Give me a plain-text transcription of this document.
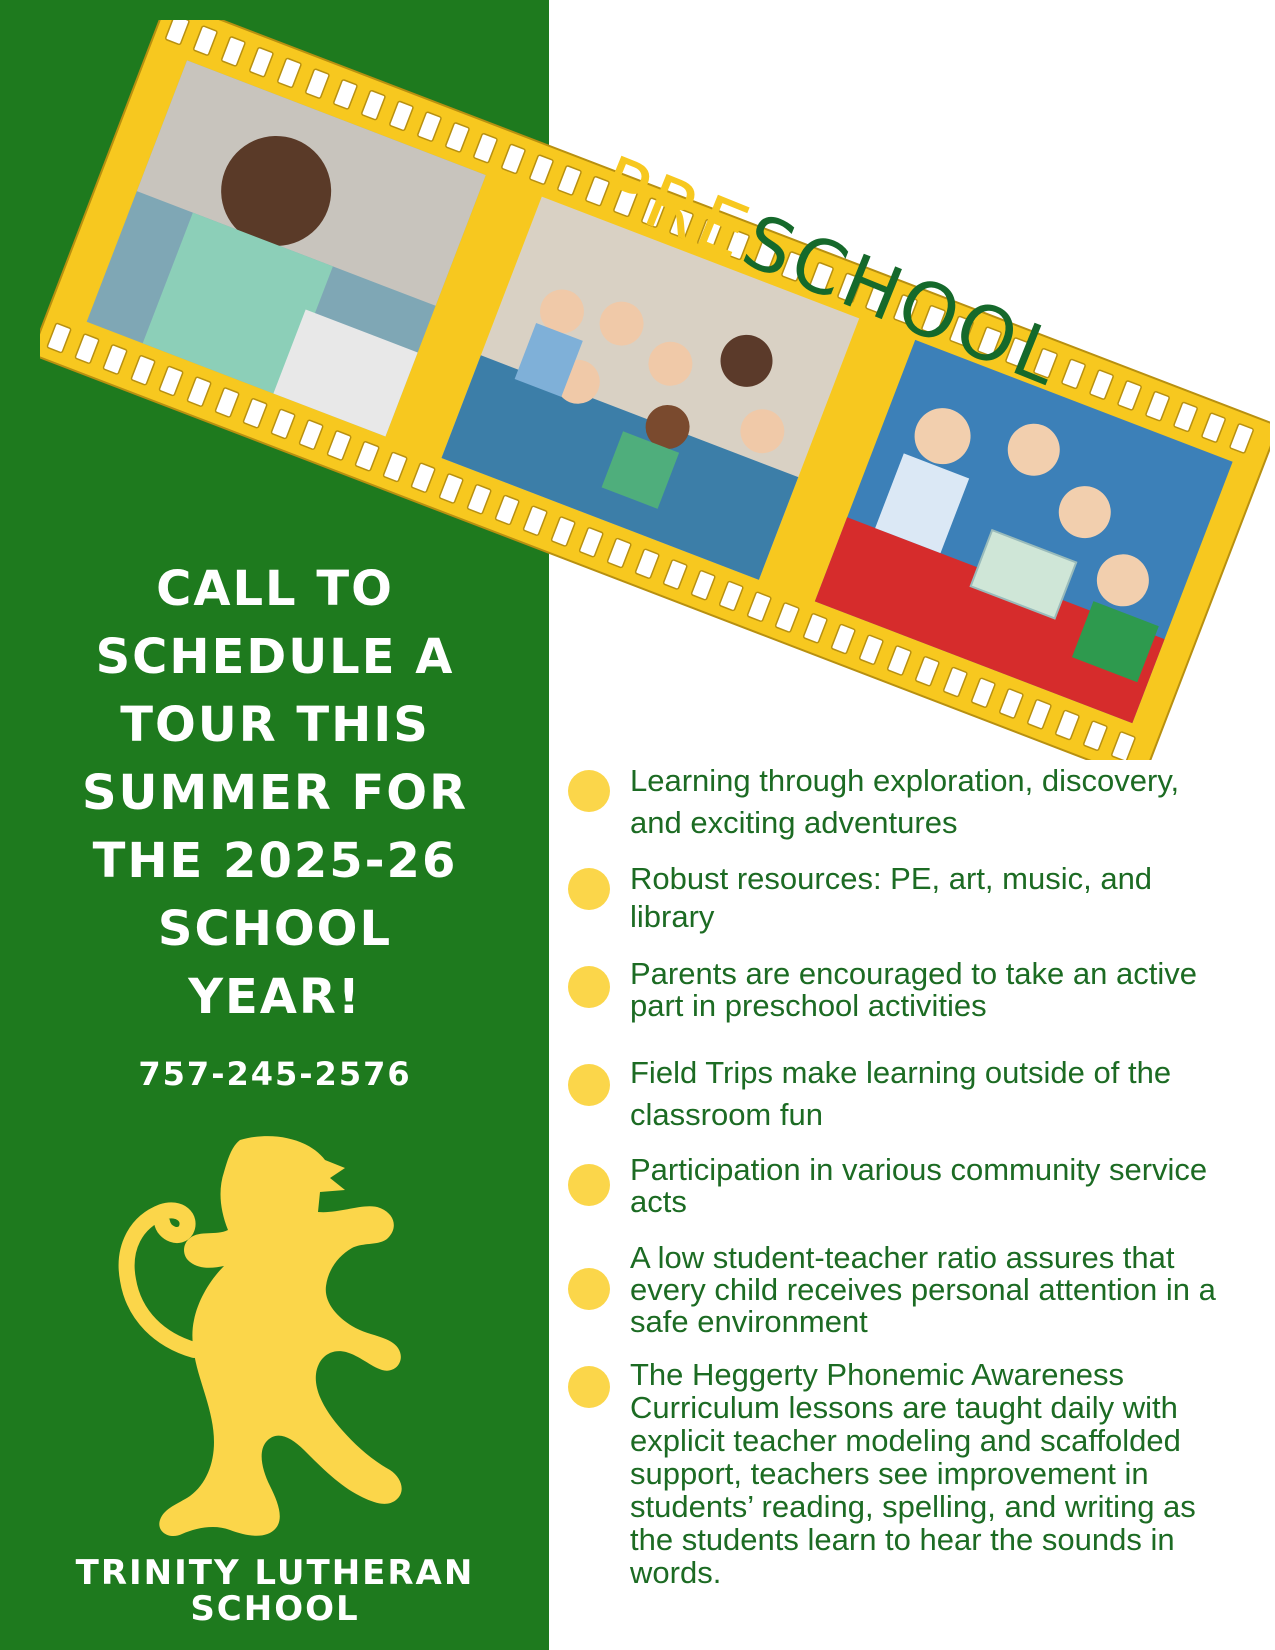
PRESCHOOL
CALL TO
SCHEDULE A
TOUR THIS
SUMMER FOR
THE 2025-26
SCHOOL
YEAR!
757-245-2576
TRINITY LUTHERAN
SCHOOL
Learning through exploration, discovery, and exciting adventures
Robust resources: PE, art, music, and library
Parents are encouraged to take an active part in preschool activities
Field Trips make learning outside of the classroom fun
Participation in various community service acts
A low student-teacher ratio assures that every child receives personal attention in a safe environment
The Heggerty Phonemic Awareness Curriculum lessons are taught daily with explicit teacher modeling and scaffolded support, teachers see improvement in students’ reading, spelling, and writing as the students learn to hear the sounds in words.
